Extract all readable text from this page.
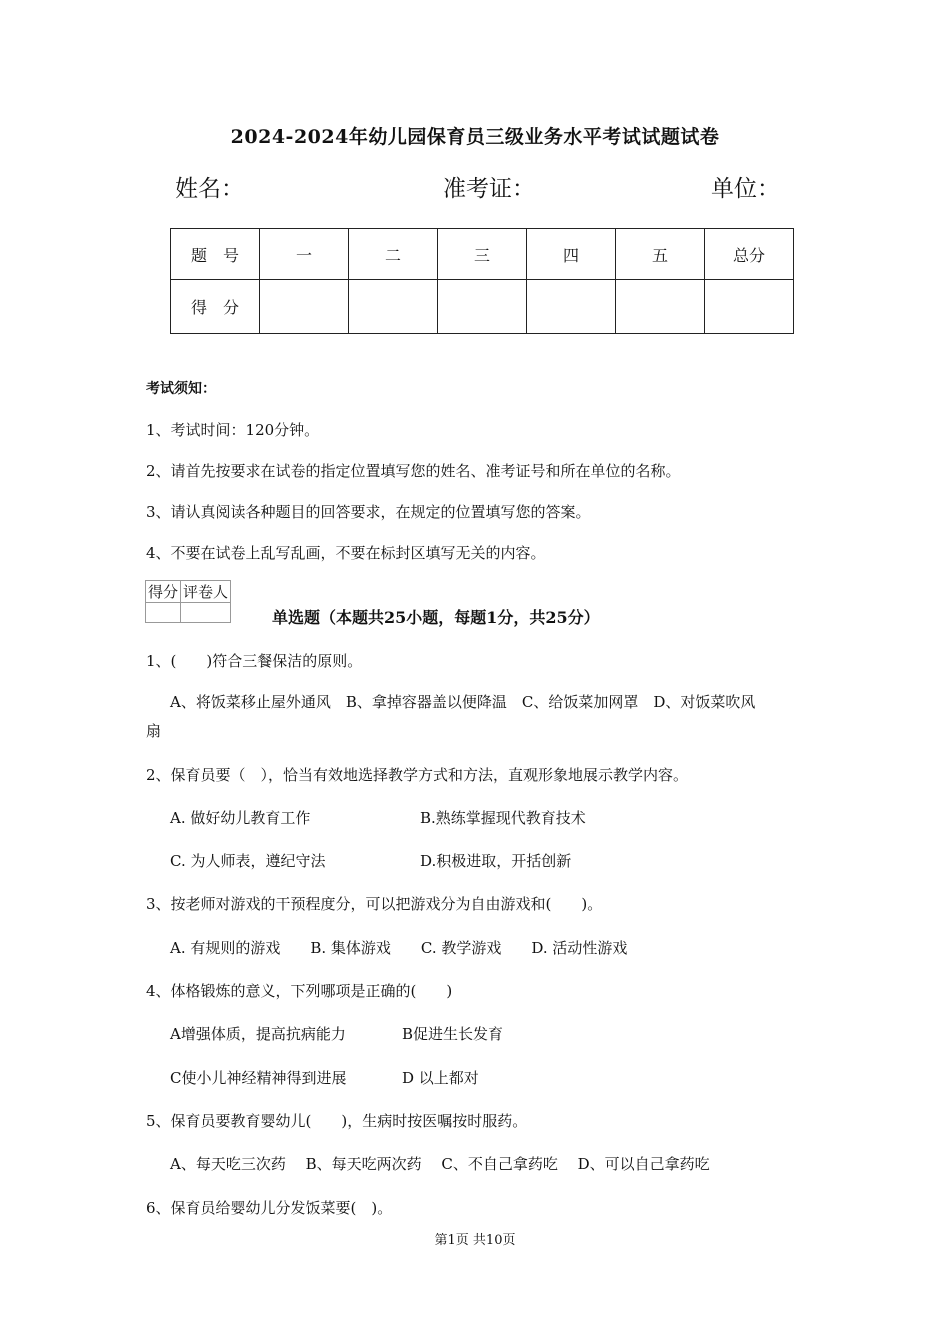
2024-2024年幼儿园保育员三级业务水平考试试题试卷
姓名：	准考证：	单位：
题　号	一	二	三	四	五	总分
得　分						
考试须知：
1、考试时间：120分钟。
2、请首先按要求在试卷的指定位置填写您的姓名、准考证号和所在单位的名称。
3、请认真阅读各种题目的回答要求，在规定的位置填写您的答案。
4、不要在试卷上乱写乱画，不要在标封区填写无关的内容。
得分	评卷人

单选题（本题共25小题，每题1分，共25分）
1、(　　)符合三餐保洁的原则。
A、将饭菜移止屋外通风　B、拿掉容器盖以便降温　C、给饭菜加网罩　D、对饭菜吹风
扇
2、保育员要（　），恰当有效地选择教学方式和方法，直观形象地展示教学内容。
A. 做好幼儿教育工作	B.熟练掌握现代教育技术
C. 为人师表，遵纪守法	D.积极进取，开括创新
3、按老师对游戏的干预程度分，可以把游戏分为自由游戏和(　　)。
A. 有规则的游戏　　B. 集体游戏　　C. 教学游戏　　D. 活动性游戏
4、体格锻炼的意义，下列哪项是正确的(　　)
A增强体质，提高抗病能力	B促进生长发育
C使小儿神经精神得到进展	D 以上都对
5、保育员要教育婴幼儿(　　)，生病时按医嘱按时服药。
A、每天吃三次药　 B、每天吃两次药　 C、不自己拿药吃　 D、可以自己拿药吃
6、保育员给婴幼儿分发饭菜要(　)。
第1页 共10页
